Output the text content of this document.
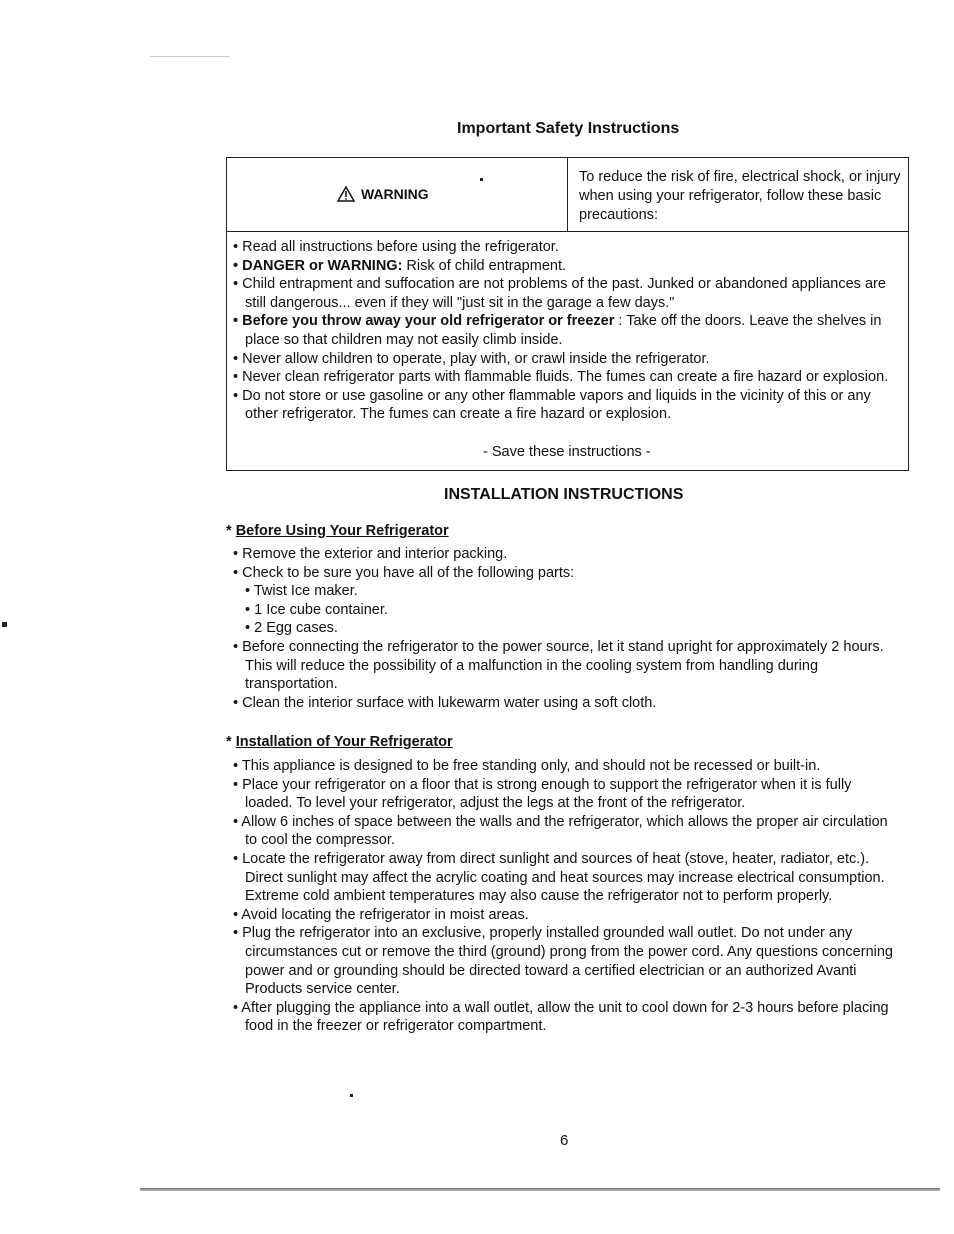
Important Safety Instructions
WARNING
To reduce the risk of fire, electrical shock, or injury when using your refrigerator, follow these basic precautions:
• Read all instructions before using the refrigerator.
• DANGER or WARNING: Risk of child entrapment.
• Child entrapment and suffocation are not problems of the past. Junked or abandoned appliances are still dangerous... even if they will "just sit in the garage a few days."
• Before you throw away your old refrigerator or freezer : Take off the doors. Leave the shelves in place so that children may not easily climb inside.
• Never allow children to operate, play with, or crawl inside the refrigerator.
• Never clean refrigerator parts with flammable fluids. The fumes can create a fire hazard or explosion.
• Do not store or use gasoline or any other flammable vapors and liquids in the vicinity of this or any other refrigerator. The fumes can create a fire hazard or explosion.
- Save these instructions -
INSTALLATION INSTRUCTIONS
* Before Using Your Refrigerator
• Remove the exterior and interior packing.
• Check to be sure you have all of the following parts:
• Twist Ice maker.
• 1 Ice cube container.
• 2 Egg cases.
• Before connecting the refrigerator to the power source, let it stand upright for approximately 2 hours. This will reduce the possibility of a malfunction in the cooling system from handling during transportation.
• Clean the interior surface with lukewarm water using a soft cloth.
* Installation of Your Refrigerator
• This appliance is designed to be free standing only, and should not be recessed or built-in.
• Place your refrigerator on a floor that is strong enough to support the refrigerator when it is fully loaded. To level your refrigerator, adjust the legs at the front of the refrigerator.
• Allow 6 inches of space between the walls and the refrigerator, which allows the proper air circulation to cool the compressor.
• Locate the refrigerator away from direct sunlight and sources of heat (stove, heater, radiator, etc.). Direct sunlight may affect the acrylic coating and heat sources may increase electrical consumption. Extreme cold ambient temperatures may also cause the refrigerator not to perform properly.
• Avoid locating the refrigerator in moist areas.
• Plug the refrigerator into an exclusive, properly installed grounded wall outlet. Do not under any circumstances cut or remove the third (ground) prong from the power cord. Any questions concerning power and or grounding should be directed toward a certified electrician or an authorized Avanti Products service center.
• After plugging the appliance into a wall outlet, allow the unit to cool down for 2-3 hours before placing food in the freezer or refrigerator compartment.
6
